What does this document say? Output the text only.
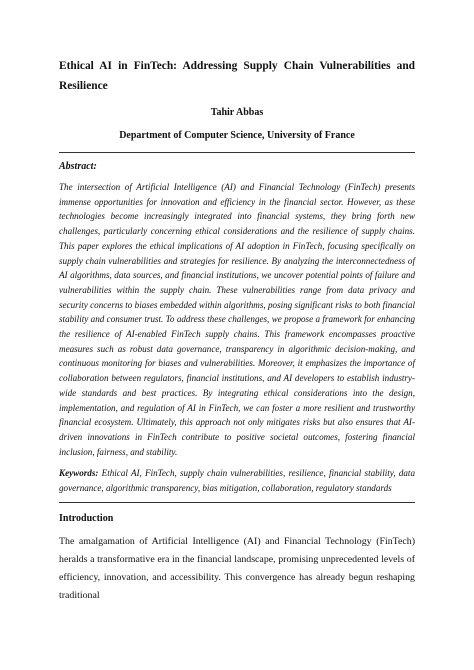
Ethical AI in FinTech: Addressing Supply Chain Vulnerabilities and Resilience
Tahir Abbas
Department of Computer Science, University of France
Abstract:

The intersection of Artificial Intelligence (AI) and Financial Technology (FinTech) presents immense opportunities for innovation and efficiency in the financial sector. However, as these technologies become increasingly integrated into financial systems, they bring forth new challenges, particularly concerning ethical considerations and the resilience of supply chains. This paper explores the ethical implications of AI adoption in FinTech, focusing specifically on supply chain vulnerabilities and strategies for resilience. By analyzing the interconnectedness of AI algorithms, data sources, and financial institutions, we uncover potential points of failure and vulnerabilities within the supply chain. These vulnerabilities range from data privacy and security concerns to biases embedded within algorithms, posing significant risks to both financial stability and consumer trust. To address these challenges, we propose a framework for enhancing the resilience of AI-enabled FinTech supply chains. This framework encompasses proactive measures such as robust data governance, transparency in algorithmic decision-making, and continuous monitoring for biases and vulnerabilities. Moreover, it emphasizes the importance of collaboration between regulators, financial institutions, and AI developers to establish industry-wide standards and best practices. By integrating ethical considerations into the design, implementation, and regulation of AI in FinTech, we can foster a more resilient and trustworthy financial ecosystem. Ultimately, this approach not only mitigates risks but also ensures that AI-driven innovations in FinTech contribute to positive societal outcomes, fostering financial inclusion, fairness, and stability.

Keywords: Ethical AI, FinTech, supply chain vulnerabilities, resilience, financial stability, data governance, algorithmic transparency, bias mitigation, collaboration, regulatory standards

Introduction

The amalgamation of Artificial Intelligence (AI) and Financial Technology (FinTech) heralds a transformative era in the financial landscape, promising unprecedented levels of efficiency, innovation, and accessibility. This convergence has already begun reshaping traditional
